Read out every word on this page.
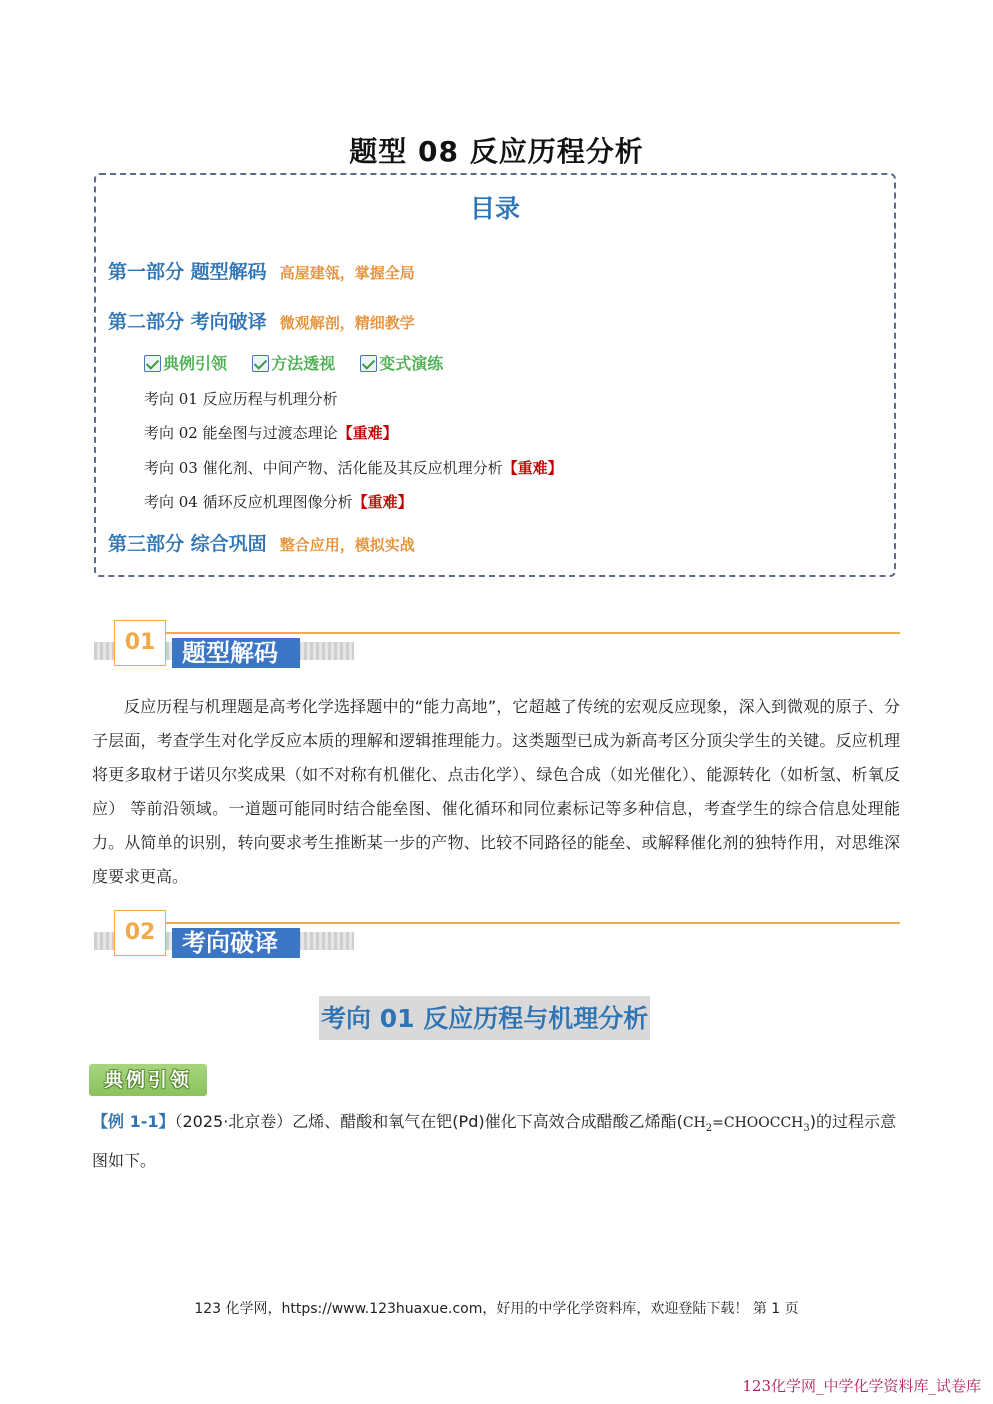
题型 08 反应历程分析
目录
第一部分 题型解码 高屋建瓴，掌握全局
第二部分 考向破译 微观解剖，精细教学
典例引领	方法透视	变式演练
考向 01 反应历程与机理分析
考向 02 能垒图与过渡态理论【重难】
考向 03 催化剂、中间产物、活化能及其反应机理分析【重难】
考向 04 循环反应机理图像分析【重难】
第三部分 综合巩固 整合应用，模拟实战
题型解码
01
反应历程与机理题是高考化学选择题中的“能力高地”，它超越了传统的宏观反应现象，深入到微观的原子、分子层面，考查学生对化学反应本质的理解和逻辑推理能力。这类题型已成为新高考区分顶尖学生的关键。反应机理将更多取材于诺贝尔奖成果（如不对称有机催化、点击化学）、绿色合成（如光催化）、能源转化（如析氢、析氧反应） 等前沿领域。一道题可能同时结合能垒图、催化循环和同位素标记等多种信息，考查学生的综合信息处理能力。从简单的识别，转向要求考生推断某一步的产物、比较不同路径的能垒、或解释催化剂的独特作用，对思维深度要求更高。
考向破译
02
考向 01 反应历程与机理分析
典例引领
【例 1-1】（2025·北京卷）乙烯、醋酸和氧气在钯(Pd)催化下高效合成醋酸乙烯酯$(CH_2=CHOOCCH_3)$的过程示意图如下。
123 化学网，https://www.123huaxue.com，好用的中学化学资料库，欢迎登陆下载！ 第 1 页
123化学网_中学化学资料库_试卷库
